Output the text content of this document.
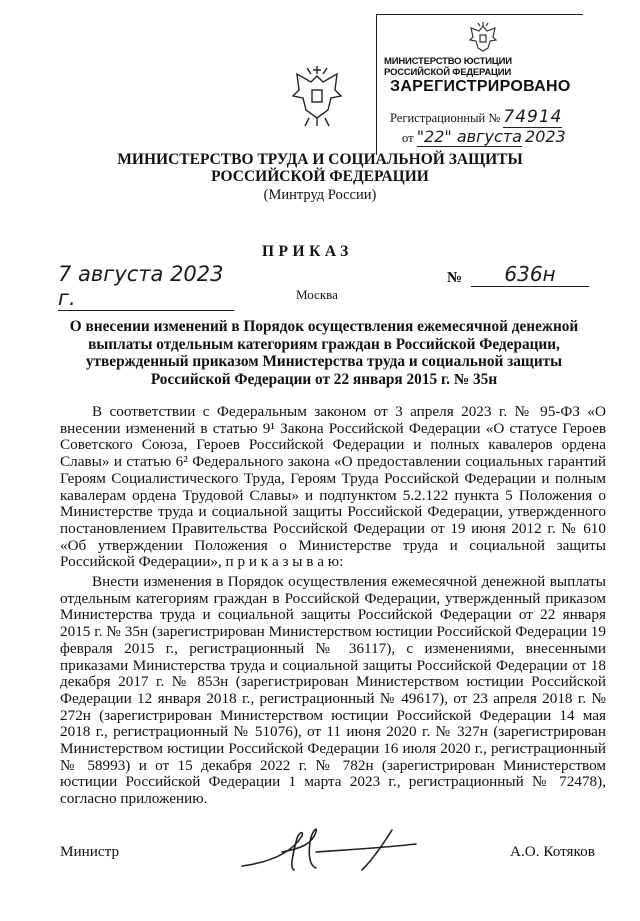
МИНИСТЕРСТВО ЮСТИЦИИ РОССИЙСКОЙ ФЕДЕРАЦИИ
ЗАРЕГИСТРИРОВАНО
Регистрационный № 74914
от "22" августа 2023
МИНИСТЕРСТВО ТРУДА И СОЦИАЛЬНОЙ ЗАЩИТЫ
РОССИЙСКОЙ ФЕДЕРАЦИИ
(Минтруд России)
ПРИКАЗ
7 августа 2023 г.	Москва
№	636н
О внесении изменений в Порядок осуществления ежемесячной денежной выплаты отдельным категориям граждан в Российской Федерации, утвержденный приказом Министерства труда и социальной защиты Российской Федерации от 22 января 2015 г. № 35н
В соответствии с Федеральным законом от 3 апреля 2023 г. № 95-ФЗ «О внесении изменений в статью 9¹ Закона Российской Федерации «О статусе Героев Советского Союза, Героев Российской Федерации и полных кавалеров ордена Славы» и статью 6² Федерального закона «О предоставлении социальных гарантий Героям Социалистического Труда, Героям Труда Российской Федерации и полным кавалерам ордена Трудовой Славы» и подпунктом 5.2.122 пункта 5 Положения о Министерстве труда и социальной защиты Российской Федерации, утвержденного постановлением Правительства Российской Федерации от 19 июня 2012 г. № 610 «Об утверждении Положения о Министерстве труда и социальной защиты Российской Федерации», п р и к а з ы в а ю:
Внести изменения в Порядок осуществления ежемесячной денежной выплаты отдельным категориям граждан в Российской Федерации, утвержденный приказом Министерства труда и социальной защиты Российской Федерации от 22 января 2015 г. № 35н (зарегистрирован Министерством юстиции Российской Федерации 19 февраля 2015 г., регистрационный № 36117), с изменениями, внесенными приказами Министерства труда и социальной защиты Российской Федерации от 18 декабря 2017 г. № 853н (зарегистрирован Министерством юстиции Российской Федерации 12 января 2018 г., регистрационный № 49617), от 23 апреля 2018 г. № 272н (зарегистрирован Министерством юстиции Российской Федерации 14 мая 2018 г., регистрационный № 51076), от 11 июня 2020 г. № 327н (зарегистрирован Министерством юстиции Российской Федерации 16 июля 2020 г., регистрационный № 58993) и от 15 декабря 2022 г. № 782н (зарегистрирован Министерством юстиции Российской Федерации 1 марта 2023 г., регистрационный № 72478), согласно приложению.
Министр	А.О. Котяков
